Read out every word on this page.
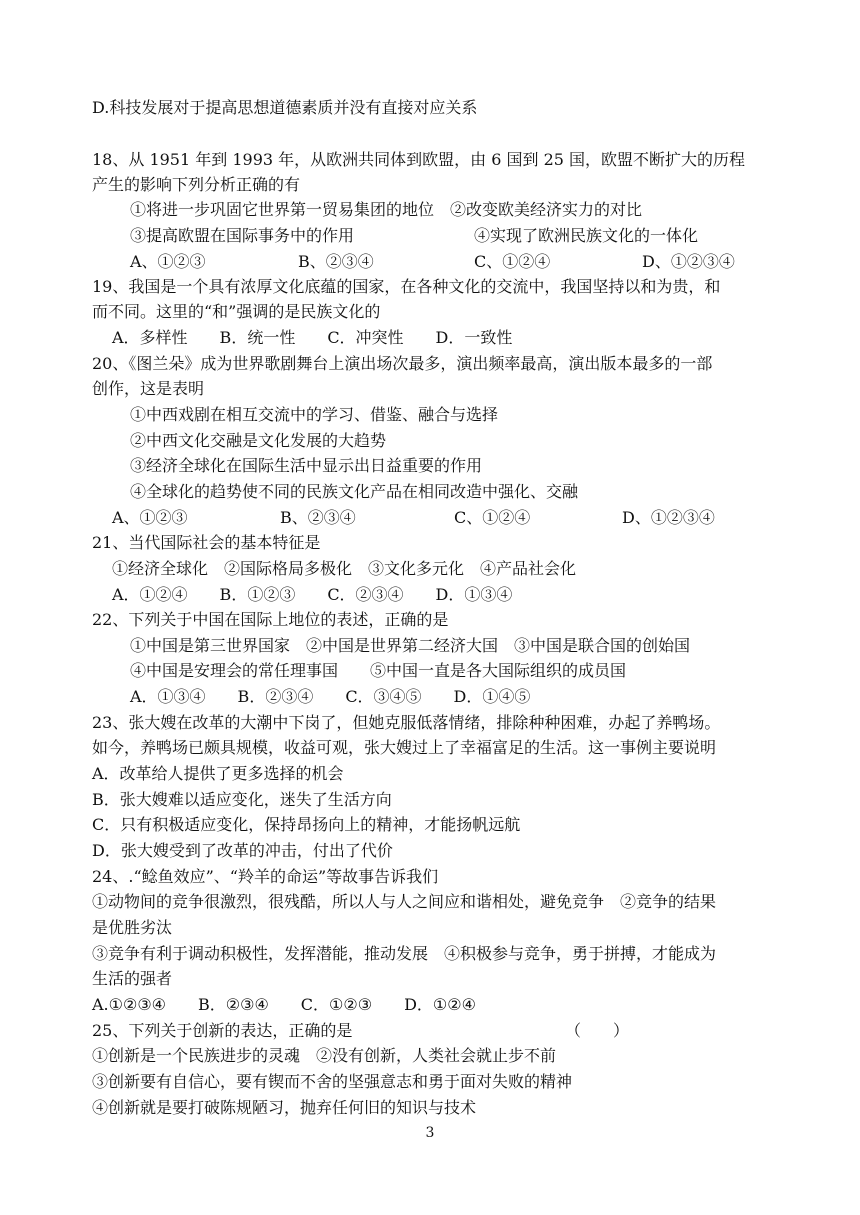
D.科技发展对于提高思想道德素质并没有直接对应关系
18、从 1951 年到 1993 年，从欧洲共同体到欧盟，由 6 国到 25 国，欧盟不断扩大的历程
产生的影响下列分析正确的有
①将进一步巩固它世界第一贸易集团的地位　②改变欧美经济实力的对比
③提高欧盟在国际事务中的作用	④实现了欧洲民族文化的一体化
A、①②③	B、②③④	C、①②④	D、①②③④
19、我国是一个具有浓厚文化底蕴的国家，在各种文化的交流中，我国坚持以和为贵，和
而不同。这里的“和”强调的是民族文化的
A．多样性　　B．统一性　　C．冲突性　　D．一致性
20、《图兰朵》成为世界歌剧舞台上演出场次最多，演出频率最高，演出版本最多的一部
创作，这是表明
①中西戏剧在相互交流中的学习、借鉴、融合与选择
②中西文化交融是文化发展的大趋势
③经济全球化在国际生活中显示出日益重要的作用
④全球化的趋势使不同的民族文化产品在相同改造中强化、交融
A、①②③	B、②③④	C、①②④	D、①②③④
21、当代国际社会的基本特征是
①经济全球化　②国际格局多极化　③文化多元化　④产品社会化
A．①②④　　B．①②③　　C．②③④　　D．①③④
22、下列关于中国在国际上地位的表述，正确的是
①中国是第三世界国家　②中国是世界第二经济大国　③中国是联合国的创始国
④中国是安理会的常任理事国　　⑤中国一直是各大国际组织的成员国
A．①③④　　B．②③④　　C．③④⑤　　D．①④⑤
23、张大嫂在改革的大潮中下岗了，但她克服低落情绪，排除种种困难，办起了养鸭场。
如今，养鸭场已颇具规模，收益可观，张大嫂过上了幸福富足的生活。这一事例主要说明
A．改革给人提供了更多选择的机会
B．张大嫂难以适应变化，迷失了生活方向
C．只有积极适应变化，保持昂扬向上的精神，才能扬帆远航
D．张大嫂受到了改革的冲击，付出了代价
24、.“鲶鱼效应”、“羚羊的命运”等故事告诉我们
①动物间的竞争很激烈，很残酷，所以人与人之间应和谐相处，避免竞争　②竞争的结果
是优胜劣汰
③竞争有利于调动积极性，发挥潜能，推动发展　④积极参与竞争，勇于拼搏，才能成为
生活的强者
A.①②③④　　B．②③④　　C．①②③　　D．①②④
25、下列关于创新的表达，正确的是	（　　）
①创新是一个民族进步的灵魂　②没有创新，人类社会就止步不前
③创新要有自信心，要有锲而不舍的坚强意志和勇于面对失败的精神
④创新就是要打破陈规陋习，抛弃任何旧的知识与技术
3
